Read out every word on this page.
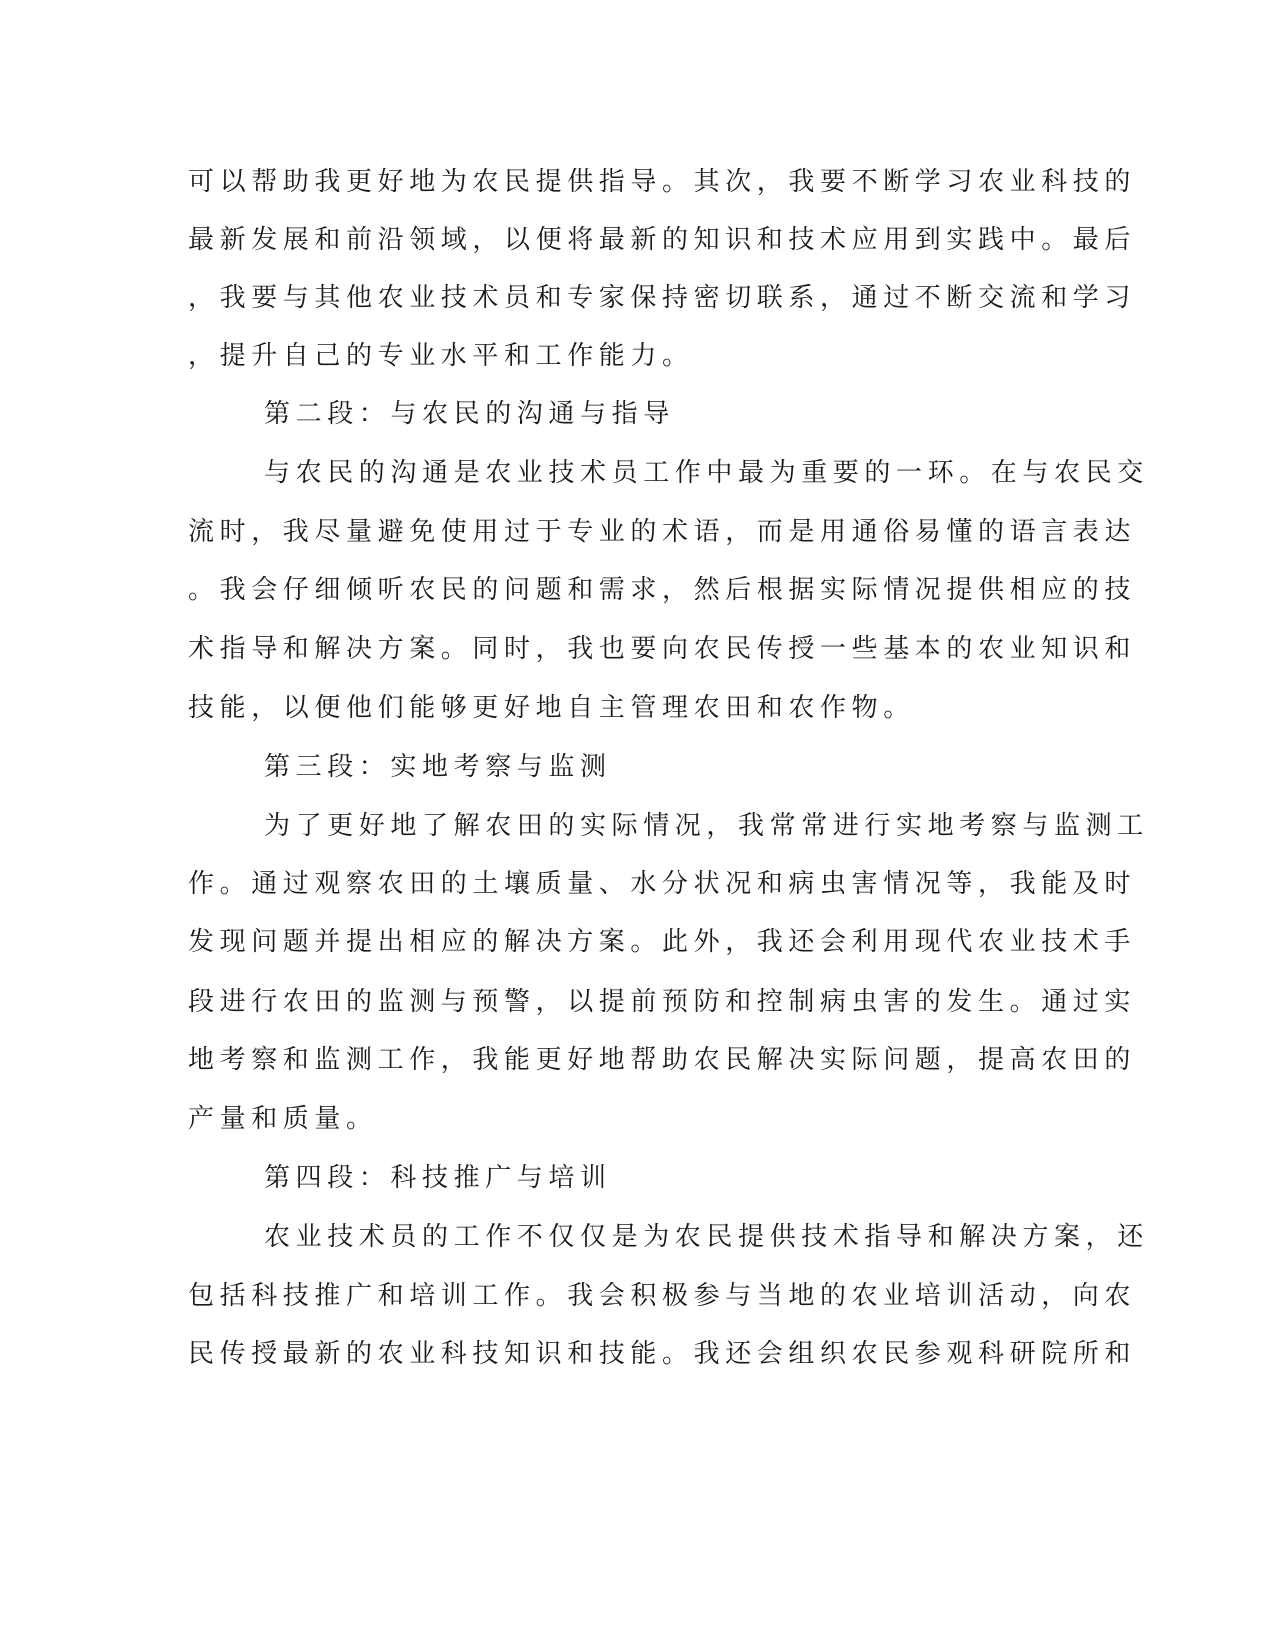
可以帮助我更好地为农民提供指导。其次，我要不断学习农业科技的
最新发展和前沿领域，以便将最新的知识和技术应用到实践中。最后
，我要与其他农业技术员和专家保持密切联系，通过不断交流和学习
，提升自己的专业水平和工作能力。
第二段：与农民的沟通与指导
与农民的沟通是农业技术员工作中最为重要的一环。在与农民交
流时，我尽量避免使用过于专业的术语，而是用通俗易懂的语言表达
。我会仔细倾听农民的问题和需求，然后根据实际情况提供相应的技
术指导和解决方案。同时，我也要向农民传授一些基本的农业知识和
技能，以便他们能够更好地自主管理农田和农作物。
第三段：实地考察与监测
为了更好地了解农田的实际情况，我常常进行实地考察与监测工
作。通过观察农田的土壤质量、水分状况和病虫害情况等，我能及时
发现问题并提出相应的解决方案。此外，我还会利用现代农业技术手
段进行农田的监测与预警，以提前预防和控制病虫害的发生。通过实
地考察和监测工作，我能更好地帮助农民解决实际问题，提高农田的
产量和质量。
第四段：科技推广与培训
农业技术员的工作不仅仅是为农民提供技术指导和解决方案，还
包括科技推广和培训工作。我会积极参与当地的农业培训活动，向农
民传授最新的农业科技知识和技能。我还会组织农民参观科研院所和
